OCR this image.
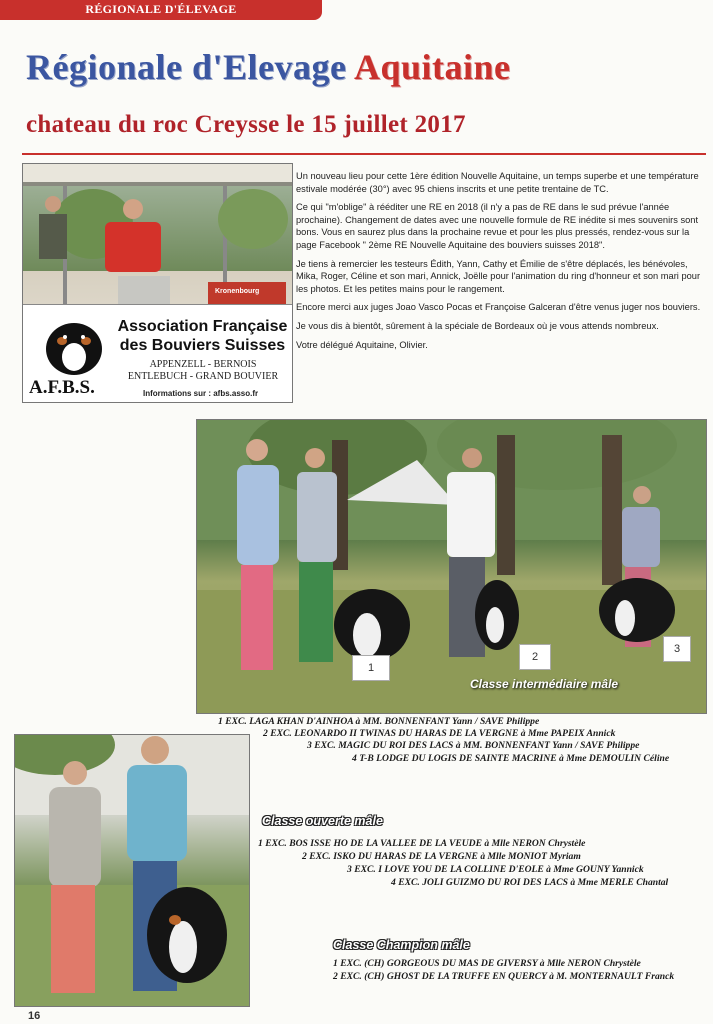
RÉGIONALE D'ÉLEVAGE
Régionale d'Elevage Aquitaine
chateau du roc Creysse le 15 juillet 2017
Association Française des Bouviers Suisses
APPENZELL - BERNOIS
ENTLEBUCH - GRAND BOUVIER
A.F.B.S.	Informations sur : afbs.asso.fr
Kronenbourg

Un nouveau lieu pour cette 1ère édition Nouvelle Aquitaine, un temps superbe et une température estivale modérée (30°) avec 95 chiens inscrits et une petite trentaine de TC.

Ce qui "m'oblige" à rééditer une RE en 2018 (il n'y a pas de RE dans le sud prévue l'année prochaine). Changement de dates avec une nouvelle formule de RE inédite si mes souvenirs sont bons. Vous en saurez plus dans la prochaine revue et pour les plus pressés, rendez-vous sur la page Facebook " 2ème RE Nouvelle Aquitaine des bouviers suisses 2018".

Je tiens à remercier les testeurs Édith, Yann, Cathy et Émilie de s'être déplacés, les bénévoles, Mika, Roger, Céline et son mari, Annick, Joëlle pour l'animation du ring d'honneur et son mari pour les photos. Et les petites mains pour le rangement.

Encore merci aux juges Joao Vasco Pocas et Françoise Galceran d'être venus juger nos bouviers.

Je vous dis à bientôt, sûrement à la spéciale de Bordeaux où je vous attends nombreux.

Votre délégué Aquitaine, Olivier.

1
2
3
Classe intermédiaire mâle
1 EXC. LAGA KHAN D'AINHOA à MM. BONNENFANT Yann / SAVE Philippe
2 EXC. LEONARDO II TWINAS DU HARAS DE LA VERGNE à Mme PAPEIX Annick
3 EXC. MAGIC DU ROI DES LACS à MM. BONNENFANT Yann / SAVE Philippe
4 T-B LODGE DU LOGIS DE SAINTE MACRINE à Mme DEMOULIN Céline
Classe ouverte mâle
1 EXC. BOS ISSE HO DE LA VALLEE DE LA VEUDE à Mlle NERON Chrystèle
2 EXC. ISKO DU HARAS DE LA VERGNE à Mlle MONIOT Myriam
3 EXC. I LOVE YOU DE LA COLLINE D'EOLE à Mme GOUNY Yannick
4 EXC. JOLI GUIZMO DU ROI DES LACS à Mme MERLE Chantal
Classe Champion mâle
1 EXC. (CH) GORGEOUS DU MAS DE GIVERSY à Mlle NERON Chrystèle
2 EXC. (CH) GHOST DE LA TRUFFE EN QUERCY à M. MONTERNAULT Franck
16
